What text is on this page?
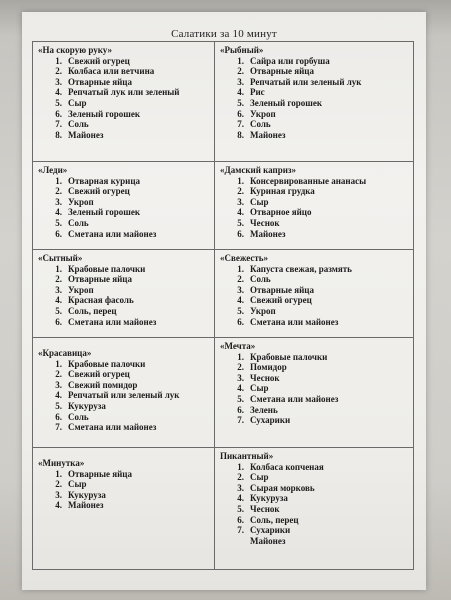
Салатики за 10 минут
«На скорую руку»
1. Свежий огурец
2. Колбаса или ветчина
3. Отварные яйца
4. Репчатый лук или зеленый
5. Сыр
6. Зеленый горошек
7. Соль
8. Майонез
«Рыбный»
1. Сайра или горбуша
2. Отварные яйца
3. Репчатый или зеленый лук
4. Рис
5. Зеленый горошек
6. Укроп
7. Соль
8. Майонез
«Леди»
1. Отварная курица
2. Свежий огурец
3. Укроп
4. Зеленый горошек
5. Соль
6. Сметана или майонез
«Дамский каприз»
1. Консервированные ананасы
2. Куриная грудка
3. Сыр
4. Отварное яйцо
5. Чеснок
6. Майонез
«Сытный»
1. Крабовые палочки
2. Отварные яйца
3. Укроп
4. Красная фасоль
5. Соль, перец
6. Сметана или майонез
«Свежесть»
1. Капуста свежая, размять
2. Соль
3. Отварные яйца
4. Свежий огурец
5. Укроп
6. Сметана или майонез
«Красавица»
1. Крабовые палочки
2. Свежий огурец
3. Свежий помидор
4. Репчатый или зеленый лук
5. Кукуруза
6. Соль
7. Сметана или майонез
«Мечта»
1. Крабовые палочки
2. Помидор
3. Чеснок
4. Сыр
5. Сметана или майонез
6. Зелень
7. Сухарики
«Минутка»
1. Отварные яйца
2. Сыр
3. Кукуруза
4. Майонез
Пикантный»
1. Колбаса копченая
2. Сыр
3. Сырая морковь
4. Кукуруза
5. Чеснок
6. Соль, перец
7. Сухарики
Майонез
